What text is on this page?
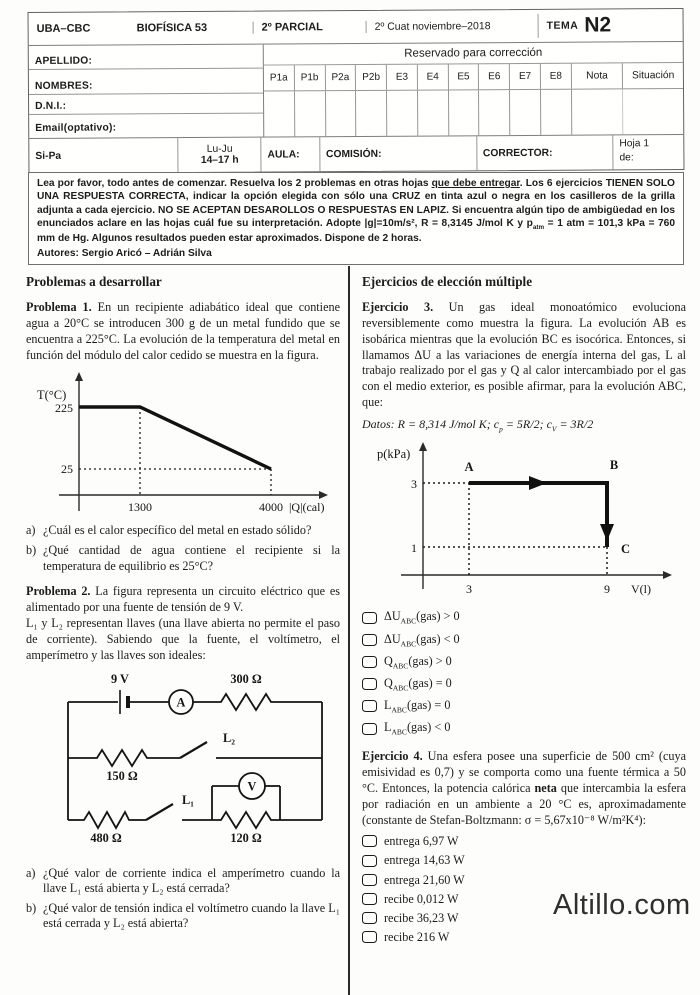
UBA–CBC	BIOFÍSICA 53	2º PARCIAL	2º Cuat noviembre–2018	TEMA N2
APELLIDO:
NOMBRES:
D.N.I.:
Email(optativo):
Reservado para corrección
P1a	P1b	P2a	P2b	E3	E4	E5	E6	E7	E8	Nota	Situación
Si-Pa
Lu-Ju
14–17 h
AULA:	COMISIÓN:	CORRECTOR:
Hoja 1
de:

Lea por favor, todo antes de comenzar. Resuelva los 2 problemas en otras hojas que debe entregar. Los 6 ejercicios TIENEN SOLO UNA RESPUESTA CORRECTA, indicar la opción elegida con sólo una CRUZ en tinta azul o negra en los casilleros de la grilla adjunta a cada ejercicio. NO SE ACEPTAN DESAROLLOS O RESPUESTAS EN LAPIZ. Si encuentra algún tipo de ambigüedad en los enunciados aclare en las hojas cuál fue su interpretación. Adopte |g|=10m/s², R = 8,3145 J/mol K y $p_{atm} = 1$ atm = 101,3 kPa = 760 mm de Hg. Algunos resultados pueden estar aproximados. Dispone de 2 horas.

Autores: Sergio Aricó – Adrián Silva

Problemas a desarrollar

Problema 1. En un recipiente adiabático ideal que contiene agua a 20°C se introducen 300 g de un metal fundido que se encuentra a 225°C. La evolución de la temperatura del metal en función del módulo del calor cedido se muestra en la figura.

T(°C)
225
25
1300	4000 |Q|(cal)
a) ¿Cuál es el calor específico del metal en estado sólido?
b) ¿Qué cantidad de agua contiene el recipiente si la temperatura de equilibrio es 25°C?

Problema 2. La figura representa un circuito eléctrico que es alimentado por una fuente de tensión de 9 V.
L₁ y L₂ representan llaves (una llave abierta no permite el paso de corriente). Sabiendo que la fuente, el voltímetro, el amperímetro y las llaves son ideales:

A
V
9 V	300 Ω
150 Ω
L₂
L₁
480 Ω	120 Ω
a) ¿Qué valor de corriente indica el amperímetro cuando la llave L₁ está abierta y L₂ está cerrada?
b) ¿Qué valor de tensión indica el voltímetro cuando la llave L₁ está cerrada y L₂ está abierta?

Ejercicios de elección múltiple

Ejercicio 3. Un gas ideal monoatómico evoluciona reversiblemente como muestra la figura. La evolución AB es isobárica mientras que la evolución BC es isocórica. Entonces, si llamamos ΔU a las variaciones de energía interna del gas, L al trabajo realizado por el gas y Q al calor intercambiado por el gas con el medio exterior, es posible afirmar, para la evolución ABC, que:

Datos: R = 8,314 J/mol K; $c_p = 5R/2$; $c_V = 3R/2$

p(kPa)
3
1
3	9 V(l)
A	B
C
$\Delta U_{ABC}(gas) > 0$
$\Delta U_{ABC}(gas) < 0$
$Q_{ABC}(gas) > 0$
$Q_{ABC}(gas) = 0$
$L_{ABC}(gas) = 0$
$L_{ABC}(gas) < 0$

Ejercicio 4. Una esfera posee una superficie de 500 cm² (cuya emisividad es 0,7) y se comporta como una fuente térmica a 50 °C. Entonces, la potencia calórica neta que intercambia la esfera por radiación en un ambiente a 20 °C es, aproximadamente (constante de Stefan-Boltzmann: σ = 5,67x10⁻⁸ W/m²K⁴):

entrega 6,97 W
entrega 14,63 W
entrega 21,60 W
recibe 0,012 W
recibe 36,23 W
recibe 216 W
Altillo.com
